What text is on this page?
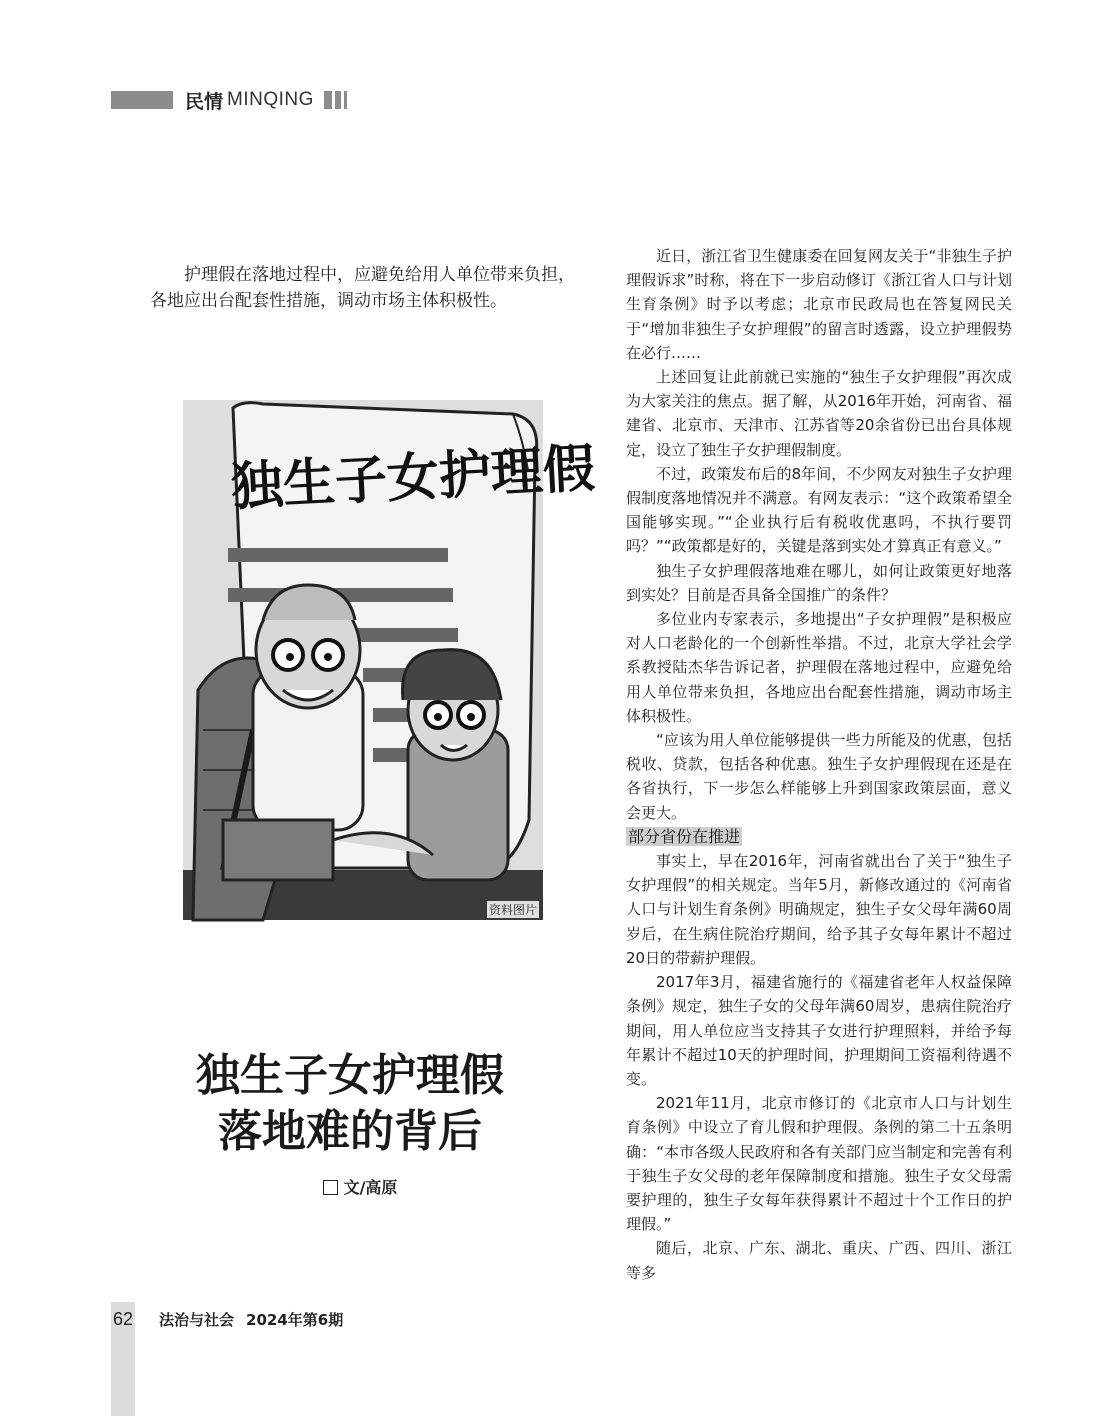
民情 MINQING
护理假在落地过程中，应避免给用人单位带来负担，各地应出台配套性措施，调动市场主体积极性。
独生子女护理假
资料图片
独生子女护理假
落地难的背后
文/高原

近日，浙江省卫生健康委在回复网友关于“非独生子护理假诉求”时称，将在下一步启动修订《浙江省人口与计划生育条例》时予以考虑；北京市民政局也在答复网民关于“增加非独生子女护理假”的留言时透露，设立护理假势在必行……

上述回复让此前就已实施的“独生子女护理假”再次成为大家关注的焦点。据了解，从2016年开始，河南省、福建省、北京市、天津市、江苏省等20余省份已出台具体规定，设立了独生子女护理假制度。

不过，政策发布后的8年间，不少网友对独生子女护理假制度落地情况并不满意。有网友表示：“这个政策希望全国能够实现。”“企业执行后有税收优惠吗，不执行要罚吗？”“政策都是好的，关键是落到实处才算真正有意义。”

独生子女护理假落地难在哪儿，如何让政策更好地落到实处？目前是否具备全国推广的条件？

多位业内专家表示，多地提出“子女护理假”是积极应对人口老龄化的一个创新性举措。不过，北京大学社会学系教授陆杰华告诉记者，护理假在落地过程中，应避免给用人单位带来负担，各地应出台配套性措施，调动市场主体积极性。

“应该为用人单位能够提供一些力所能及的优惠，包括税收、贷款，包括各种优惠。独生子女护理假现在还是在各省执行，下一步怎么样能够上升到国家政策层面，意义会更大。

部分省份在推进

事实上，早在2016年，河南省就出台了关于“独生子女护理假”的相关规定。当年5月，新修改通过的《河南省人口与计划生育条例》明确规定，独生子女父母年满60周岁后，在生病住院治疗期间，给予其子女每年累计不超过20日的带薪护理假。

2017年3月，福建省施行的《福建省老年人权益保障条例》规定，独生子女的父母年满60周岁，患病住院治疗期间，用人单位应当支持其子女进行护理照料，并给予每年累计不超过10天的护理时间，护理期间工资福利待遇不变。

2021年11月，北京市修订的《北京市人口与计划生育条例》中设立了育儿假和护理假。条例的第二十五条明确：“本市各级人民政府和各有关部门应当制定和完善有利于独生子女父母的老年保障制度和措施。独生子女父母需要护理的，独生子女每年获得累计不超过十个工作日的护理假。”

随后，北京、广东、湖北、重庆、广西、四川、浙江等多

62 法治与社会 2024年第6期
